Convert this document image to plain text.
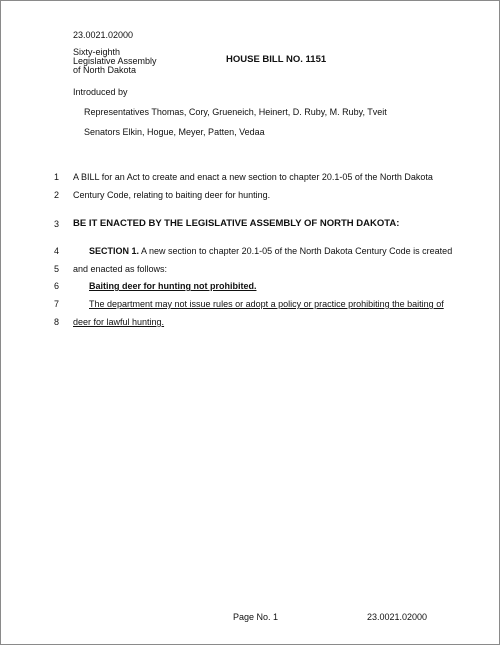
23.0021.02000
Sixty-eighth
Legislative Assembly
of North Dakota
HOUSE BILL NO. 1151
Introduced by
Representatives Thomas, Cory, Grueneich, Heinert, D. Ruby, M. Ruby, Tveit
Senators Elkin, Hogue, Meyer, Patten, Vedaa
1
2
3
4
5
6
7
8
A BILL for an Act to create and enact a new section to chapter 20.1-05 of the North Dakota
Century Code, relating to baiting deer for hunting.
BE IT ENACTED BY THE LEGISLATIVE ASSEMBLY OF NORTH DAKOTA:
SECTION 1. A new section to chapter 20.1-05 of the North Dakota Century Code is created
and enacted as follows:
Baiting deer for hunting not prohibited.
The department may not issue rules or adopt a policy or practice prohibiting the baiting of
deer for lawful hunting.
Page No. 1	23.0021.02000
